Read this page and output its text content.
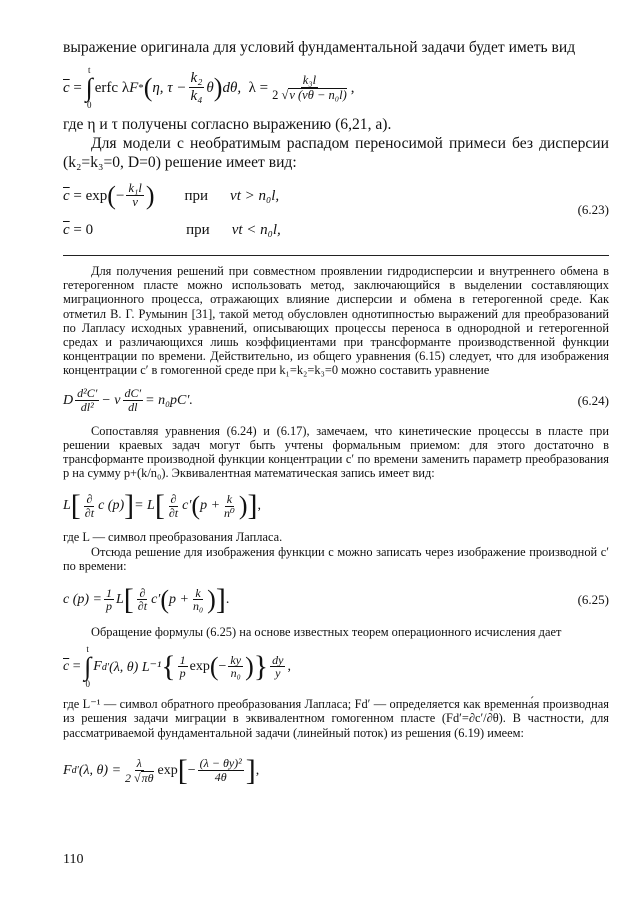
выражение оригинала для условий фундаментальной задачи будет иметь вид

$\overline{c}$
=

t
∫
0
erfc λ F * ( η, $\tau - \frac{\text{k₂}}{\text{k₄}}$ θ ) dθ,
$\lambda = \frac{\text{k₃l}}{\text{2 √v (vθ − n₀l)}}$ ,

где η и τ получены согласно выражению (6,21, a).

Для модели с необратимым распадом переносимой примеси без дисперсии (k₂=k₃=0, D=0) решение имеет вид:

$\overline{c}$
= exp ( − $\frac{\text{k₁l}}{v}$ ) при vt > n₀l,
$\overline{c}$
= 0	при vt < n₀l,
(6.23)

Для получения решений при совместном проявлении гидродисперсии и внутреннего обмена в гетерогенном пласте можно использовать метод, заключающийся в выделении составляющих миграционного процесса, отражающих влияние дисперсии и обмена в гетерогенной среде. Как отметил В. Г. Румынин [31], такой метод обусловлен однотипностью выражений для преобразований по Лапласу исходных уравнений, описывающих процессы переноса в однородной и гетерогенной средах и различающихся лишь коэффициентами при трансформанте производственной функции концентрации по времени. Действительно, из общего уравнения (6.15) следует, что для изображения концентрации c′ в гомогенной среде при k₁=k₂=k₃=0 можно составить уравнение

D $\frac{\text{d²C′}}{\text{dl²}} - v \frac{dC'}{dl} = n_0pC'$.	(6.24)

Сопоставляя уравнения (6.24) и (6.17), замечаем, что кинетические процессы в пласте при решении краевых задач могут быть учтены формальным приемом: для этого достаточно в трансформанте производной функции концентрации c′ по времени заменить параметр преобразования p на сумму p+(k/n₀). Эквивалентная математическая запись имеет вид:

L [ $\frac{\partial}{\partial t}$ c (p) ] = L [ $\frac{\partial}{\partial t} c'$ ( $p + \frac{k}{\text{n⁰}}$ ) ] ,

где L — символ преобразования Лапласа.

Отсюда решение для изображения функции c можно записать через изображение производной c′ по времени:

c $(p) = \frac{1}{p}$ L [ $\frac{\partial}{\partial t} c'$ ( $p + \frac{k}{\text{n₀}}$ ) ] .	(6.25)

Обращение формулы (6.25) на основе известных теорем операционного исчисления дает

$\overline{c}$
=

t
∫
0
F d′ (λ, θ) L⁻¹ { $\frac{1}{p}$ exp ( − $\frac{ky}{\text{n₀}}$ ) } $\frac{dy}{y}$ ,

где L⁻¹ — символ обратного преобразования Лапласа; Fd′ — определяется как временна́я производная из решения задачи миграции в эквивалентном гомогенном пласте (Fd′=∂c′/∂θ). В частности, для рассматриваемой фундаментальной задачи (линейный поток) из решения (6.19) имеем:

F d′ (λ, $\theta) = \frac{\lambda}{2 √\pi\theta}$ exp [ − $\frac{\text{(λ − θy)²}}{4\theta}$ ] ,
110
